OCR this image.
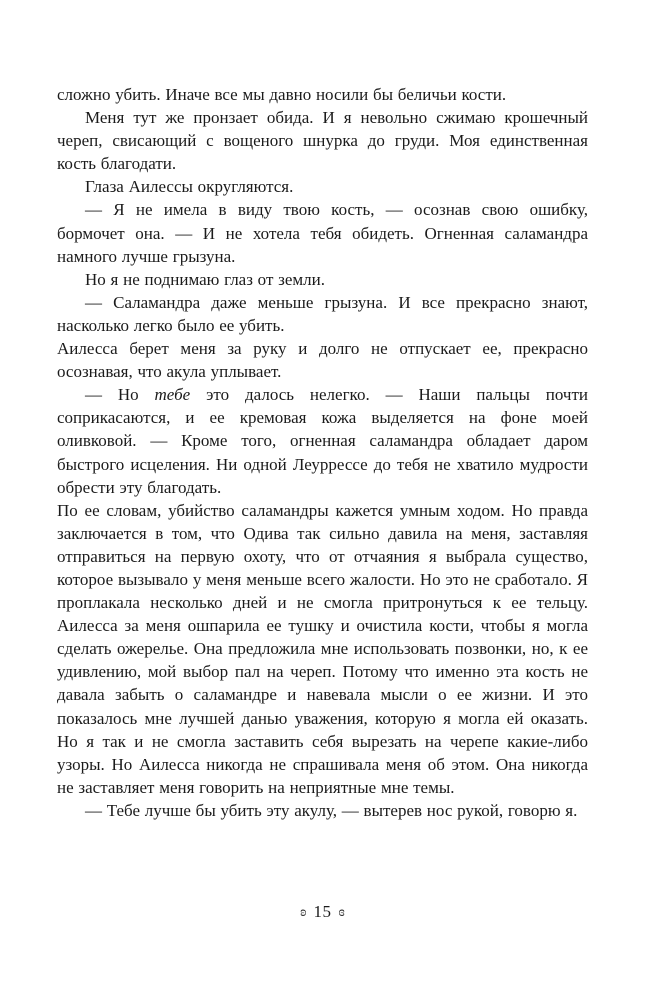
сложно убить. Иначе все мы давно носили бы беличьи кости.

Меня тут же пронзает обида. И я невольно сжимаю крошечный череп, свисающий с вощеного шнурка до груди. Моя единственная кость благодати.

Глаза Аилессы округляются.

— Я не имела в виду твою кость, — осознав свою ошибку, бормочет она. — И не хотела тебя обидеть. Огненная саламандра намного лучше грызуна.

Но я не поднимаю глаз от земли.

— Саламандра даже меньше грызуна. И все прекрасно знают, насколько легко было ее убить.

Аилесса берет меня за руку и долго не отпускает ее, прекрасно осознавая, что акула уплывает.

— Но тебе это далось нелегко. — Наши пальцы почти соприкасаются, и ее кремовая кожа выделяется на фоне моей оливковой. — Кроме того, огненная саламандра обладает даром быстрого исцеления. Ни одной Леуррессе до тебя не хватило мудрости обрести эту благодать.

По ее словам, убийство саламандры кажется умным ходом. Но правда заключается в том, что Одива так сильно давила на меня, заставляя отправиться на первую охоту, что от отчаяния я выбрала существо, которое вызывало у меня меньше всего жалости. Но это не сработало. Я проплакала несколько дней и не смогла притронуться к ее тельцу. Аилесса за меня ошпарила ее тушку и очистила кости, чтобы я могла сделать ожерелье. Она предложила мне использовать позвонки, но, к ее удивлению, мой выбор пал на череп. Потому что именно эта кость не давала забыть о саламандре и навевала мысли о ее жизни. И это показалось мне лучшей данью уважения, которую я могла ей оказать. Но я так и не смогла заставить себя вырезать на черепе какие-либо узоры. Но Аилесса никогда не спрашивала меня об этом. Она никогда не заставляет меня говорить на неприятные мне темы.

— Тебе лучше бы убить эту акулу, — вытерев нос рукой, говорю я.

ʚ 15 ɞ
